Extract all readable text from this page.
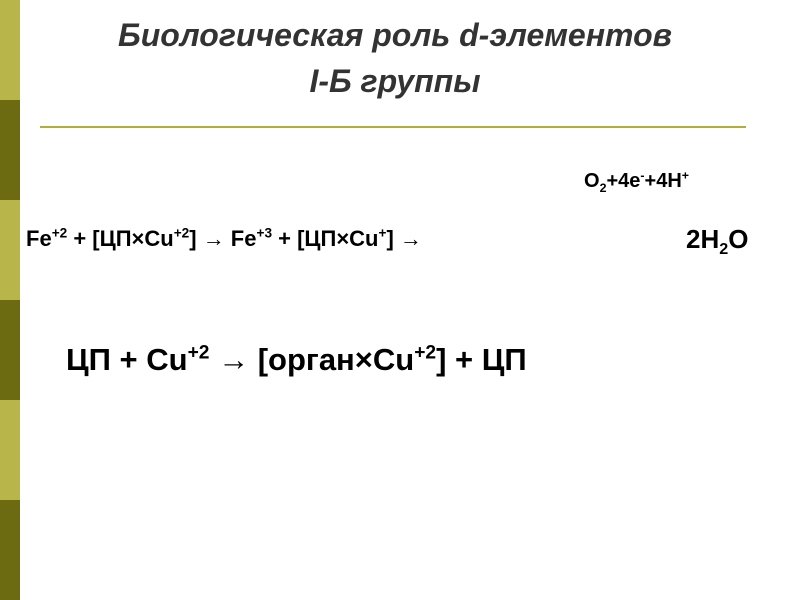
Биологическая роль d-элементов
I-Б группы
$O_2+4e^-+4H^+$
$Fe^{+2} + [ЦП\times Cu^{+2}] \to Fe^{+3} + [ЦП\times Cu^+]$ →	$2H_2O$
ЦП + $Cu^{+2}$ → $[орган\times Cu^{+2}]$ + ЦП
